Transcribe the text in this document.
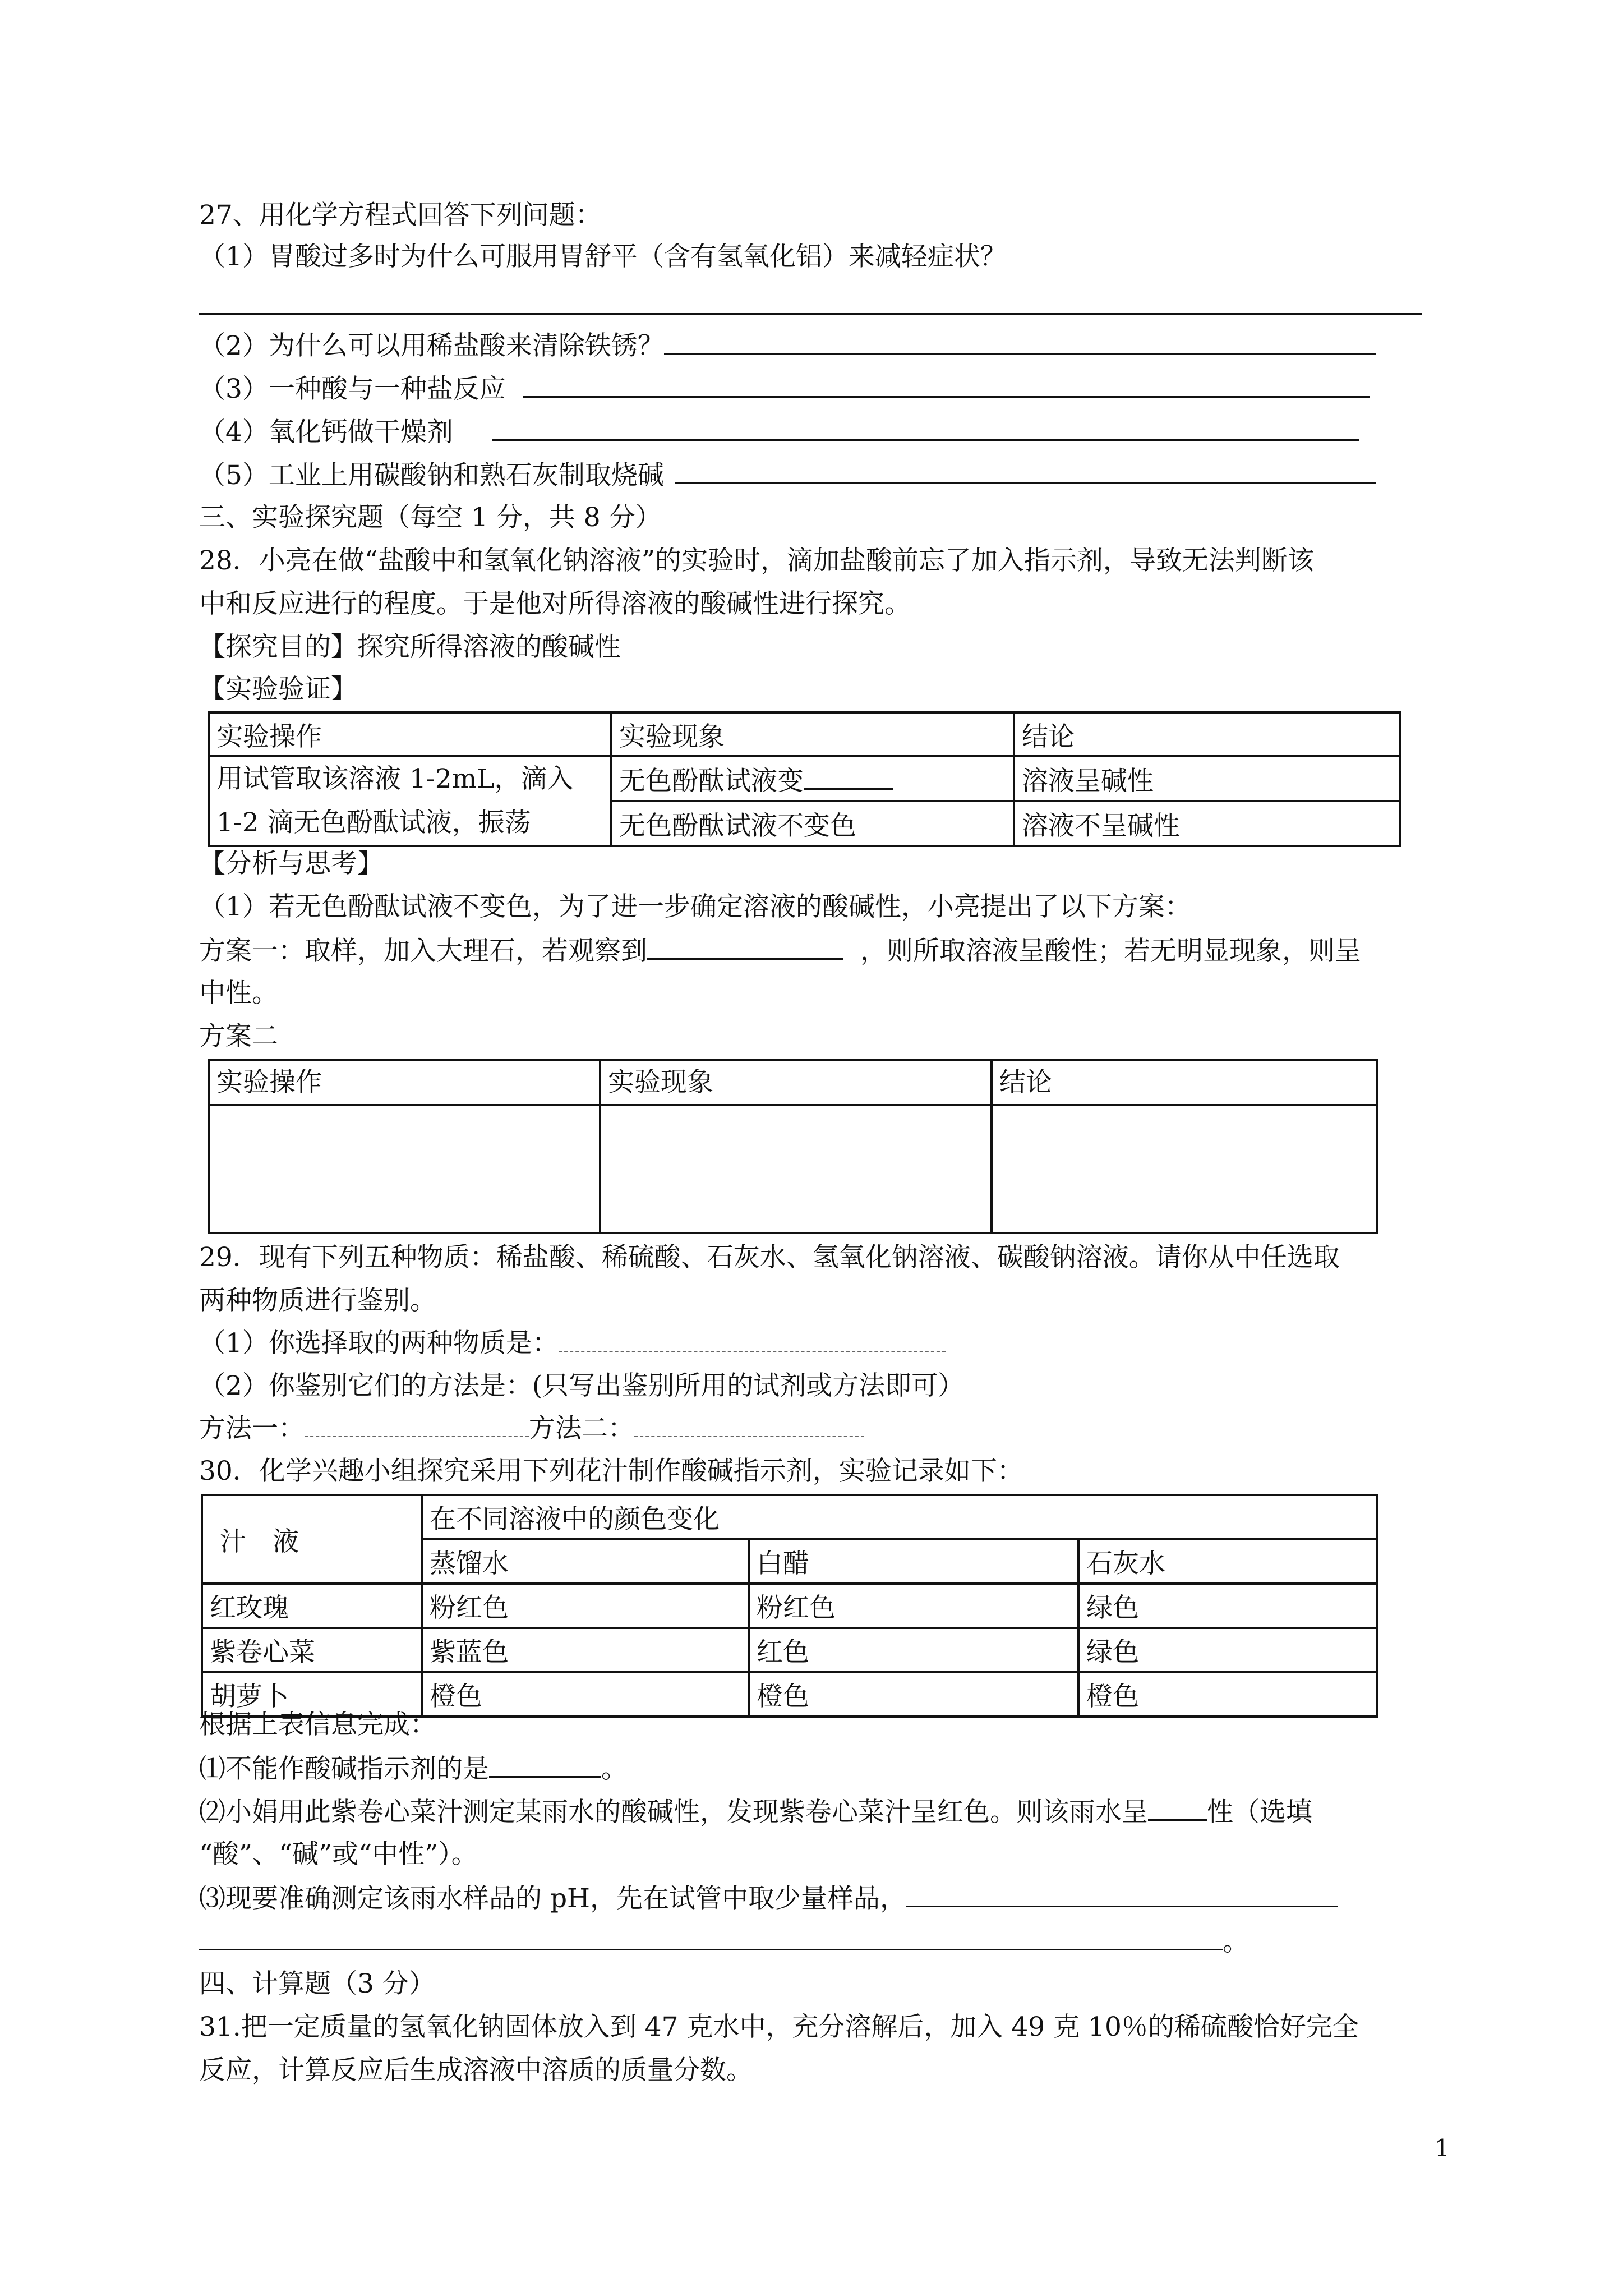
27、用化学方程式回答下列问题：
（1）胃酸过多时为什么可服用胃舒平（含有氢氧化铝）来减轻症状？
（2）为什么可以用稀盐酸来清除铁锈？
（3）一种酸与一种盐反应
（4）氧化钙做干燥剂
（5）工业上用碳酸钠和熟石灰制取烧碱
三、实验探究题（每空 1 分，共 8 分）
28．小亮在做“盐酸中和氢氧化钠溶液”的实验时，滴加盐酸前忘了加入指示剂，导致无法判断该
中和反应进行的程度。于是他对所得溶液的酸碱性进行探究。
【探究目的】探究所得溶液的酸碱性
【实验验证】
实验操作	实验现象	结论

用试管取该溶液 1-2mL，滴入
1-2 滴无色酚酞试液，振荡	无色酚酞试液变	溶液呈碱性
	无色酚酞试液不变色	溶液不呈碱性
【分析与思考】
（1）若无色酚酞试液不变色，为了进一步确定溶液的酸碱性，小亮提出了以下方案：
方案一：取样，加入大理石，若观察到	，则所取溶液呈酸性；若无明显现象，则呈
中性。
方案二
实验操作	实验现象	结论

29．现有下列五种物质：稀盐酸、稀硫酸、石灰水、氢氧化钠溶液、碳酸钠溶液。请你从中任选取
两种物质进行鉴别。
（1）你选择取的两种物质是：
（2）你鉴别它们的方法是：(只写出鉴别所用的试剂或方法即可）
方法一：	方法二：
30．化学兴趣小组探究采用下列花汁制作酸碱指示剂，实验记录如下：
汁　液	在不同溶液中的颜色变化		
	蒸馏水	白醋	石灰水
红玫瑰	粉红色	粉红色	绿色
紫卷心菜	紫蓝色	红色	绿色
胡萝卜	橙色	橙色	橙色
根据上表信息完成：
⑴不能作酸碱指示剂的是	。
⑵小娟用此紫卷心菜汁测定某雨水的酸碱性，发现紫卷心菜汁呈红色。则该雨水呈 性（选填
“酸”、“碱”或“中性”）。
⑶现要准确测定该雨水样品的 pH，先在试管中取少量样品，
。
四、计算题（3 分）
31.把一定质量的氢氧化钠固体放入到 47 克水中，充分溶解后，加入 49 克 10％的稀硫酸恰好完全
反应，计算反应后生成溶液中溶质的质量分数。
1
